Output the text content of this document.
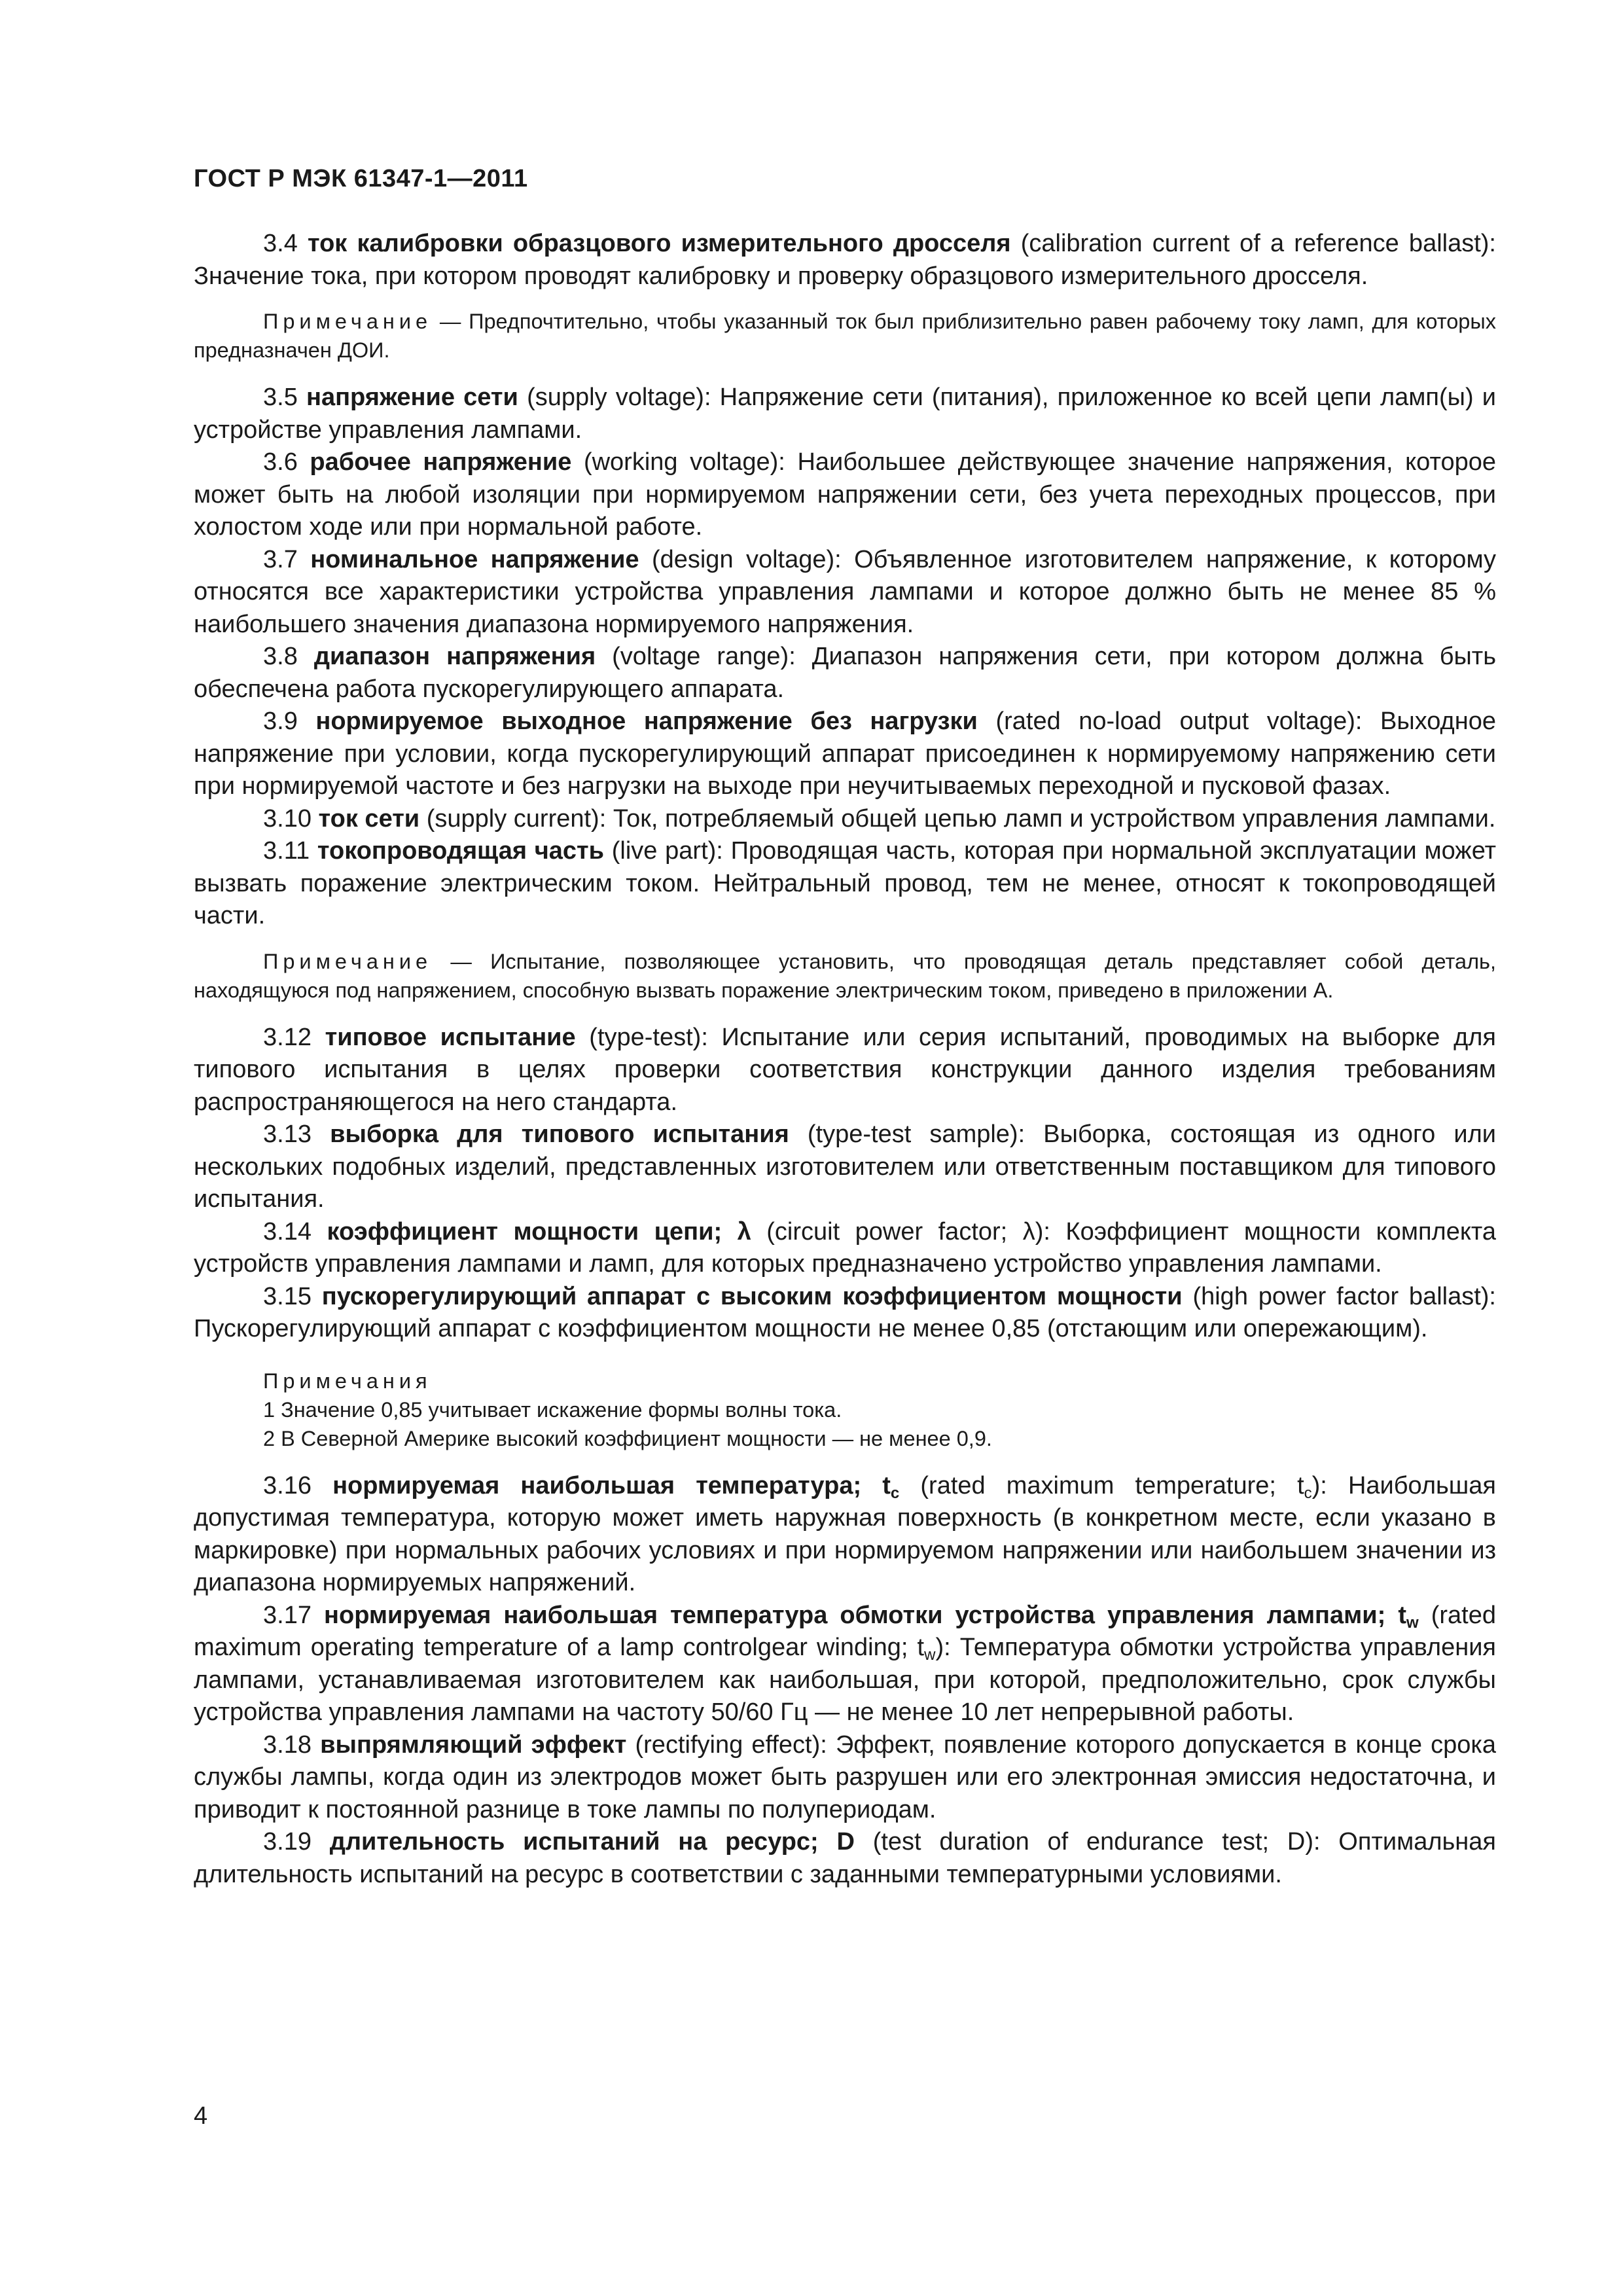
ГОСТ Р МЭК 61347-1—2011

3.4 ток калибровки образцового измерительного дросселя (calibration current of a reference ballast): Значение тока, при котором проводят калибровку и проверку образцового измерительного дросселя.

Примечание — Предпочтительно, чтобы указанный ток был приблизительно равен рабочему току ламп, для которых предназначен ДОИ.

3.5 напряжение сети (supply voltage): Напряжение сети (питания), приложенное ко всей цепи ламп(ы) и устройстве управления лампами.

3.6 рабочее напряжение (working voltage): Наибольшее действующее значение напряжения, которое может быть на любой изоляции при нормируемом напряжении сети, без учета переходных процессов, при холостом ходе или при нормальной работе.

3.7 номинальное напряжение (design voltage): Объявленное изготовителем напряжение, к которому относятся все характеристики устройства управления лампами и которое должно быть не менее 85 % наибольшего значения диапазона нормируемого напряжения.

3.8 диапазон напряжения (voltage range): Диапазон напряжения сети, при котором должна быть обеспечена работа пускорегулирующего аппарата.

3.9 нормируемое выходное напряжение без нагрузки (rated no-load output voltage): Выходное напряжение при условии, когда пускорегулирующий аппарат присоединен к нормируемому напряжению сети при нормируемой частоте и без нагрузки на выходе при неучитываемых переходной и пусковой фазах.

3.10 ток сети (supply current): Ток, потребляемый общей цепью ламп и устройством управления лампами.

3.11 токопроводящая часть (live part): Проводящая часть, которая при нормальной эксплуатации может вызвать поражение электрическим током. Нейтральный провод, тем не менее, относят к токопроводящей части.

Примечание — Испытание, позволяющее установить, что проводящая деталь представляет собой деталь, находящуюся под напряжением, способную вызвать поражение электрическим током, приведено в приложении А.

3.12 типовое испытание (type-test): Испытание или серия испытаний, проводимых на выборке для типового испытания в целях проверки соответствия конструкции данного изделия требованиям распространяющегося на него стандарта.

3.13 выборка для типового испытания (type-test sample): Выборка, состоящая из одного или нескольких подобных изделий, представленных изготовителем или ответственным поставщиком для типового испытания.

3.14 коэффициент мощности цепи; λ (circuit power factor; λ): Коэффициент мощности комплекта устройств управления лампами и ламп, для которых предназначено устройство управления лампами.

3.15 пускорегулирующий аппарат с высоким коэффициентом мощности (high power factor ballast): Пускорегулирующий аппарат с коэффициентом мощности не менее 0,85 (отстающим или опережающим).

Примечания
1 Значение 0,85 учитывает искажение формы волны тока.
2 В Северной Америке высокий коэффициент мощности — не менее 0,9.

3.16 нормируемая наибольшая температура; $t_c$ (rated maximum temperature; $t_c$): Наибольшая допустимая температура, которую может иметь наружная поверхность (в конкретном месте, если указано в маркировке) при нормальных рабочих условиях и при нормируемом напряжении или наибольшем значении из диапазона нормируемых напряжений.

3.17 нормируемая наибольшая температура обмотки устройства управления лампами; $t_w$ (rated maximum operating temperature of a lamp controlgear winding; $t_w$): Температура обмотки устройства управления лампами, устанавливаемая изготовителем как наибольшая, при которой, предположительно, срок службы устройства управления лампами на частоту 50/60 Гц — не менее 10 лет непрерывной работы.

3.18 выпрямляющий эффект (rectifying effect): Эффект, появление которого допускается в конце срока службы лампы, когда один из электродов может быть разрушен или его электронная эмиссия недостаточна, и приводит к постоянной разнице в токе лампы по полупериодам.

3.19 длительность испытаний на ресурс; D (test duration of endurance test; D): Оптимальная длительность испытаний на ресурс в соответствии с заданными температурными условиями.

4
